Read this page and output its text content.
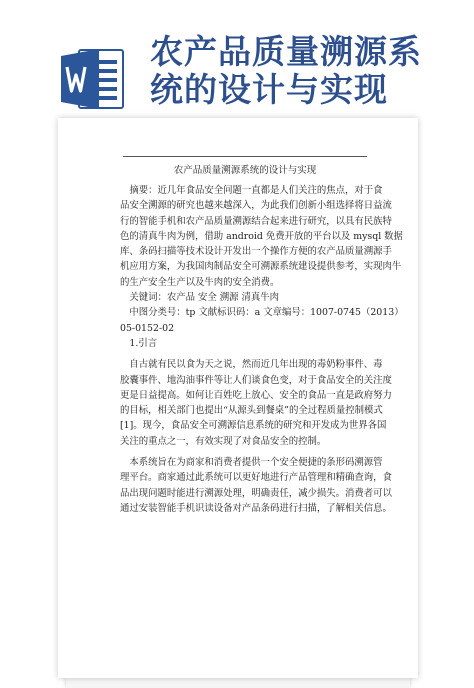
农产品质量溯源系
统的设计与实现
农产品质量溯源系统的设计与实现

　摘要：近几年食品安全问题一直都是人们关注的焦点，对于食

品安全溯源的研究也越来越深入，为此我们创新小组选择将日益流

行的智能手机和农产品质量溯源结合起来进行研究，以具有民族特

色的清真牛肉为例，借助 android 免费开放的平台以及 mysql 数据

库、条码扫描等技术设计开发出一个操作方便的农产品质量溯源手

机应用方案，为我国肉制品安全可溯源系统建设提供参考，实现肉牛

的生产安全生产以及牛肉的安全消费。

　关键词：农产品 安全 溯源 清真牛肉

　中图分类号：tp 文献标识码：a 文章编号：1007-0745（2013）

05-0152-02

　1.引言

　自古就有民以食为天之说，然而近几年出现的毒奶粉事件、毒

胶囊事件、地沟油事件等让人们谈食色变，对于食品安全的关注度

更是日益提高。如何让百姓吃上放心、安全的食品一直是政府努力

的目标，相关部门也提出“从源头到餐桌”的全过程质量控制模式

[1]。现今，食品安全可溯源信息系统的研究和开发成为世界各国

关注的重点之一，有效实现了对食品安全的控制。

　本系统旨在为商家和消费者提供一个安全便捷的条形码溯源管

理平台。商家通过此系统可以更好地进行产品管理和精确查询，食

品出现问题时能进行溯源处理，明确责任，减少损失。消费者可以

通过安装智能手机识读设备对产品条码进行扫描，了解相关信息。
